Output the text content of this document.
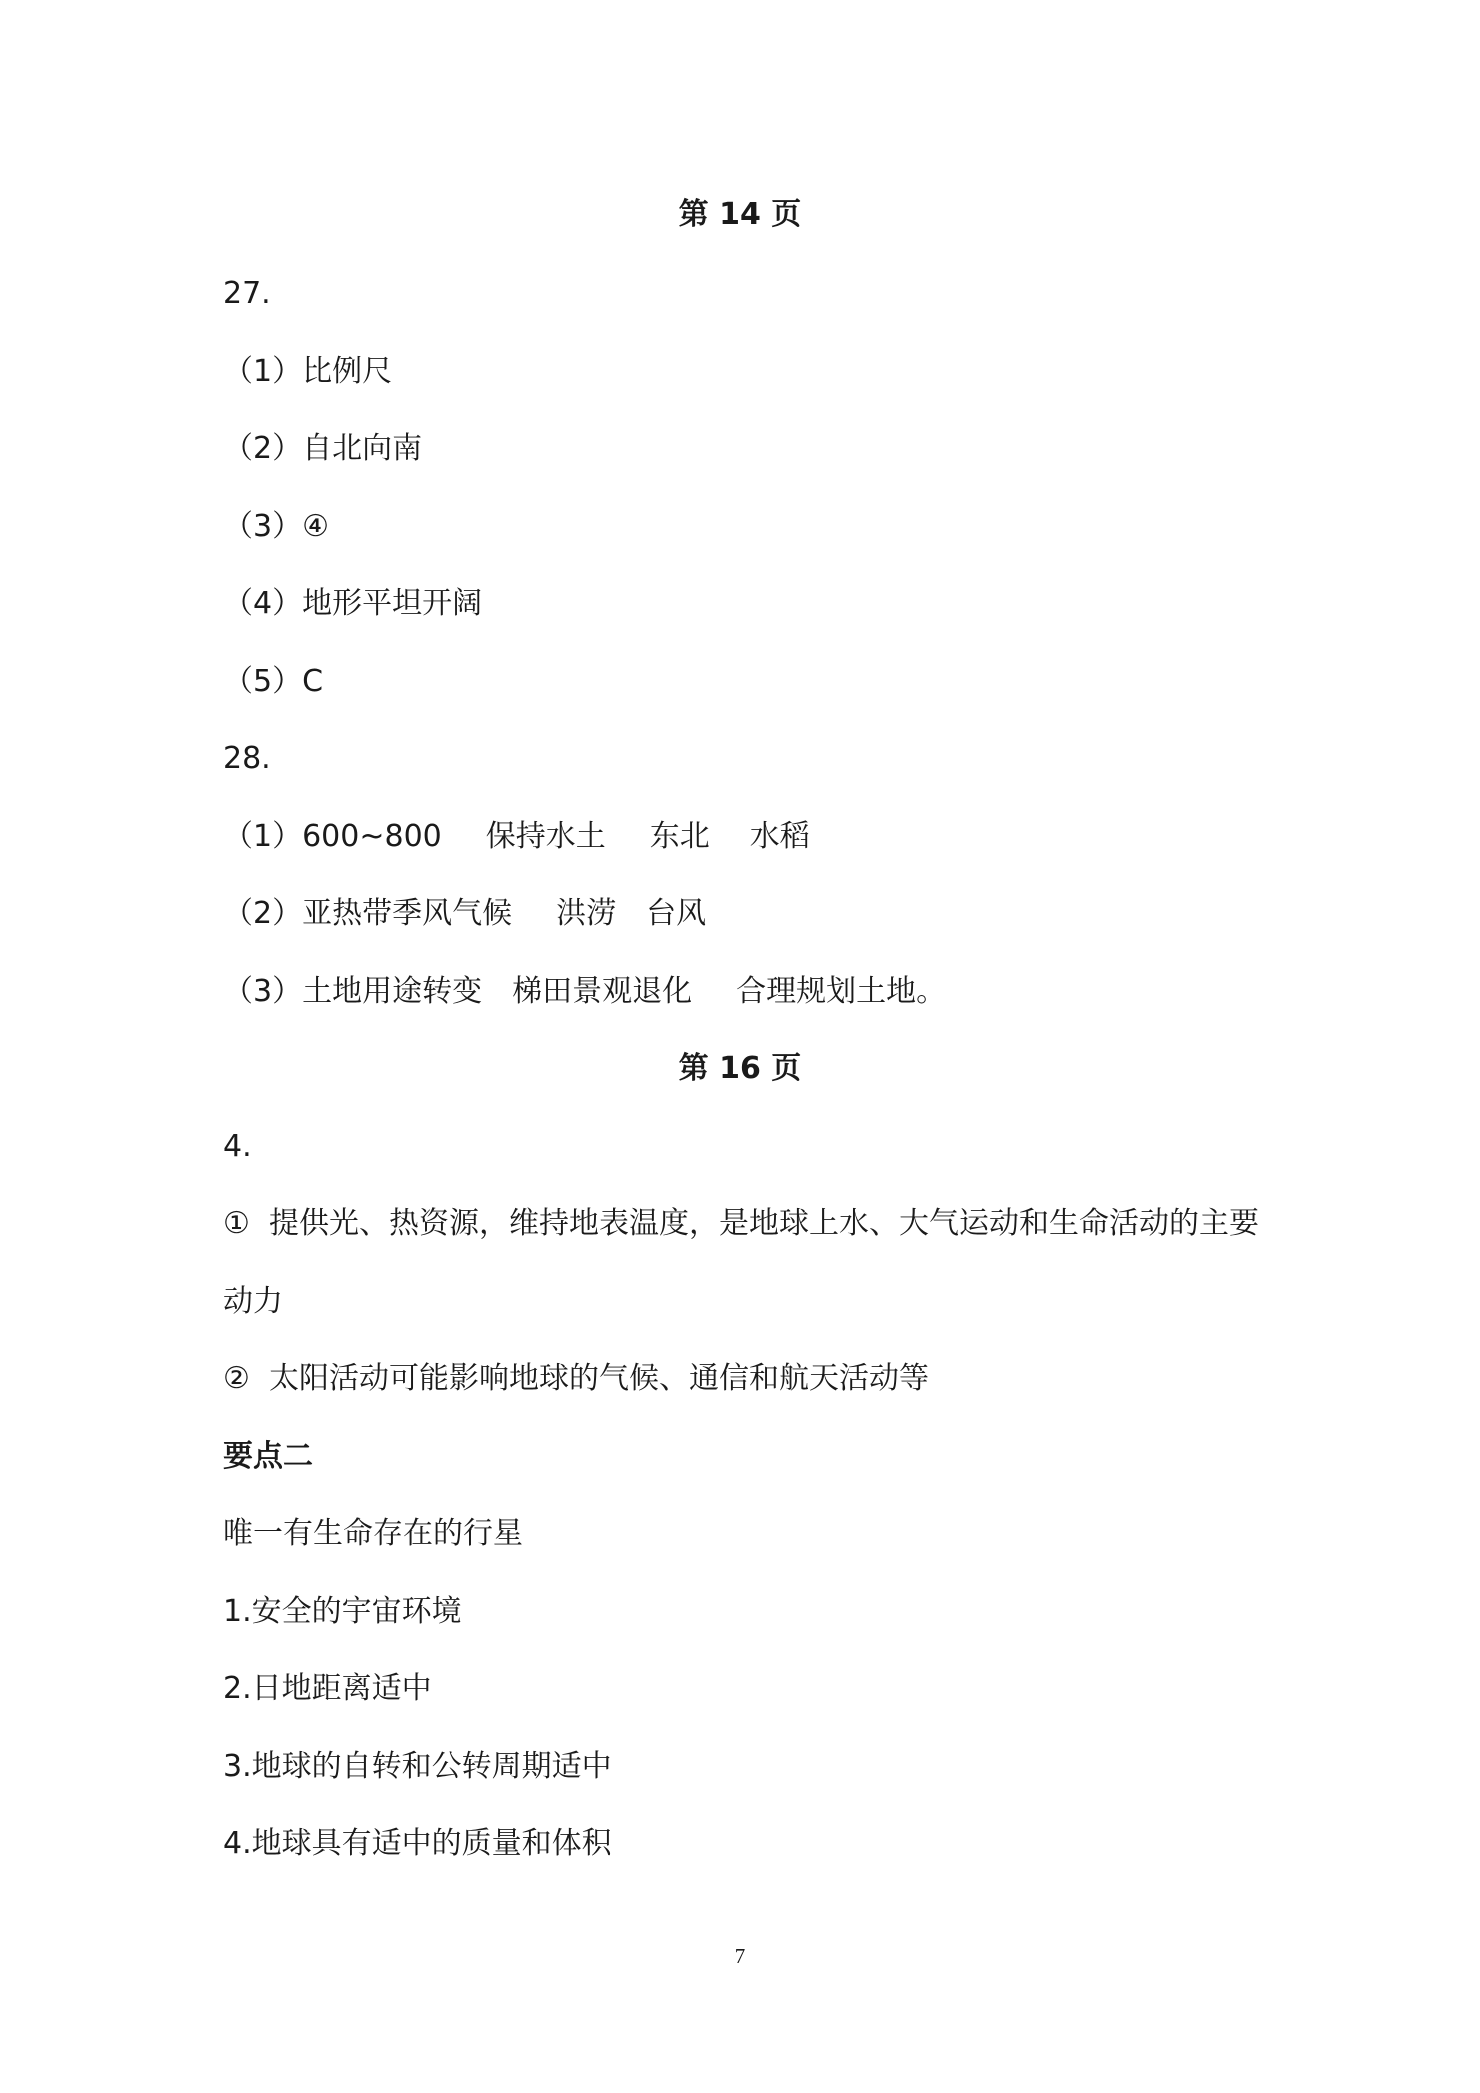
第 14 页

27.

（1）比例尺

（2）自北向南

（3）④

（4）地形平坦开阔

（5）C

28.

（1）600~800 保持水土 东北 水稻

（2）亚热带季风气候 洪涝 台风

（3）土地用途转变 梯田景观退化 合理规划土地。

第 16 页

4.

①  提供光、热资源，维持地表温度，是地球上水、大气运动和生命活动的主要

动力

②  太阳活动可能影响地球的气候、通信和航天活动等

要点二

唯一有生命存在的行星

1.安全的宇宙环境

2.日地距离适中

3.地球的自转和公转周期适中

4.地球具有适中的质量和体积

7
